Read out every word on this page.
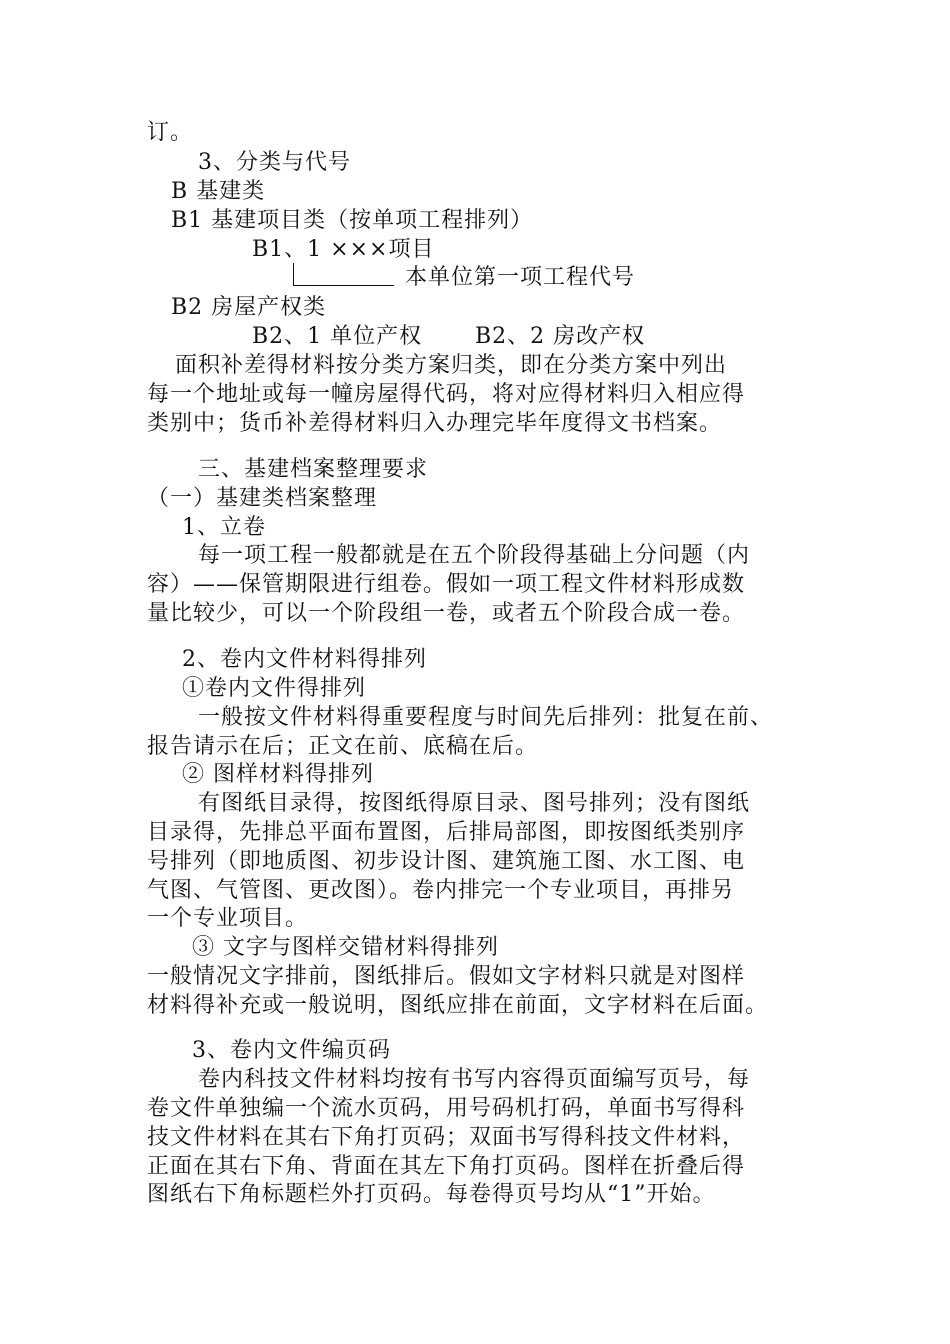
订。
3、分类与代号
B 基建类
B1 基建项目类（按单项工程排列）
B1、1 ×××项目
本单位第一项工程代号
B2 房屋产权类
B2、1 单位产权 B2、2 房改产权
面积补差得材料按分类方案归类，即在分类方案中列出
每一个地址或每一幢房屋得代码，将对应得材料归入相应得
类别中；货币补差得材料归入办理完毕年度得文书档案。
三、基建档案整理要求
（一）基建类档案整理
1、立卷
每一项工程一般都就是在五个阶段得基础上分问题（内
容）——保管期限进行组卷。假如一项工程文件材料形成数
量比较少，可以一个阶段组一卷，或者五个阶段合成一卷。
2、卷内文件材料得排列
①卷内文件得排列
一般按文件材料得重要程度与时间先后排列：批复在前、
报告请示在后；正文在前、底稿在后。
② 图样材料得排列
有图纸目录得，按图纸得原目录、图号排列；没有图纸
目录得，先排总平面布置图，后排局部图，即按图纸类别序
号排列（即地质图、初步设计图、建筑施工图、水工图、电
气图、气管图、更改图）。卷内排完一个专业项目，再排另
一个专业项目。
③ 文字与图样交错材料得排列
一般情况文字排前，图纸排后。假如文字材料只就是对图样
材料得补充或一般说明，图纸应排在前面，文字材料在后面。
3、卷内文件编页码
卷内科技文件材料均按有书写内容得页面编写页号，每
卷文件单独编一个流水页码，用号码机打码，单面书写得科
技文件材料在其右下角打页码；双面书写得科技文件材料，
正面在其右下角、背面在其左下角打页码。图样在折叠后得
图纸右下角标题栏外打页码。每卷得页号均从“1”开始。
